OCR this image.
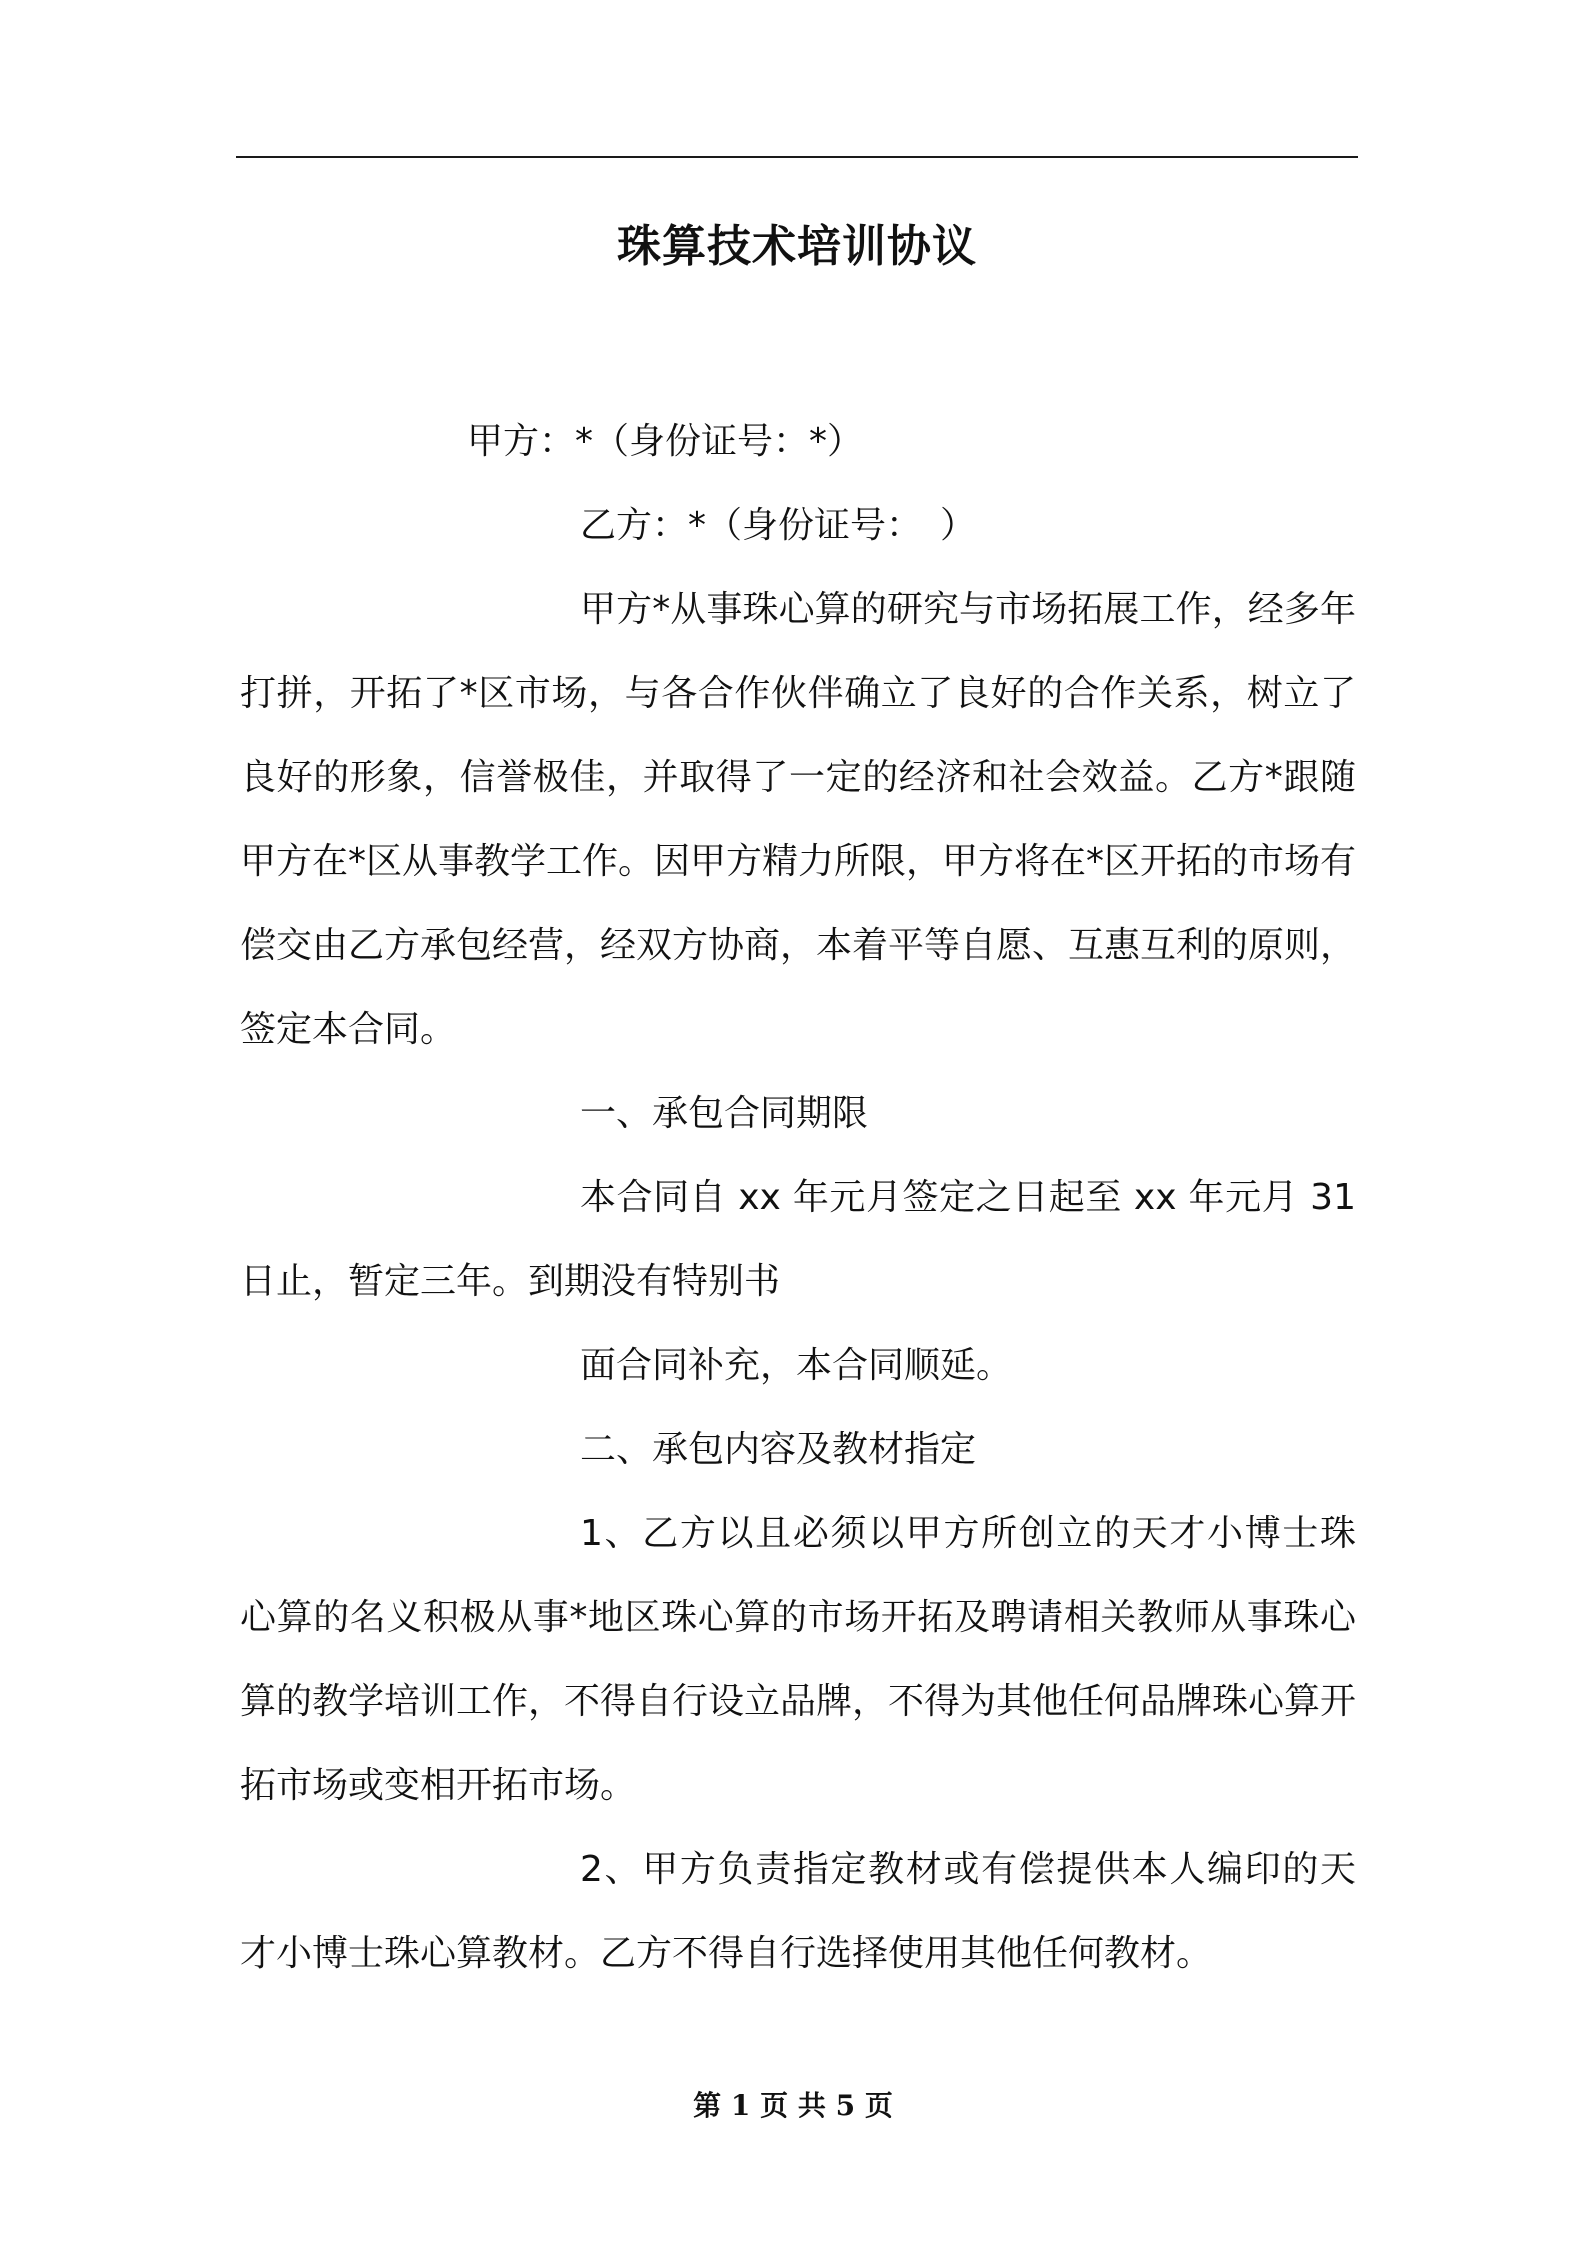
珠算技术培训协议

甲方：*（身份证号：*）

乙方：*（身份证号：　）

甲方*从事珠心算的研究与市场拓展工作，经多年打拼，开拓了*区市场，与各合作伙伴确立了良好的合作关系，树立了良好的形象，信誉极佳，并取得了一定的经济和社会效益。乙方*跟随甲方在*区从事教学工作。因甲方精力所限，甲方将在*区开拓的市场有偿交由乙方承包经营，经双方协商，本着平等自愿、互惠互利的原则，签定本合同。

一、承包合同期限

本合同自 xx 年元月签定之日起至 xx 年元月 31 日止，暂定三年。到期没有特别书

面合同补充，本合同顺延。

二、承包内容及教材指定

1、乙方以且必须以甲方所创立的天才小博士珠心算的名义积极从事*地区珠心算的市场开拓及聘请相关教师从事珠心算的教学培训工作，不得自行设立品牌，不得为其他任何品牌珠心算开拓市场或变相开拓市场。

2、甲方负责指定教材或有偿提供本人编印的天才小博士珠心算教材。乙方不得自行选择使用其他任何教材。

第 1 页 共 5 页
